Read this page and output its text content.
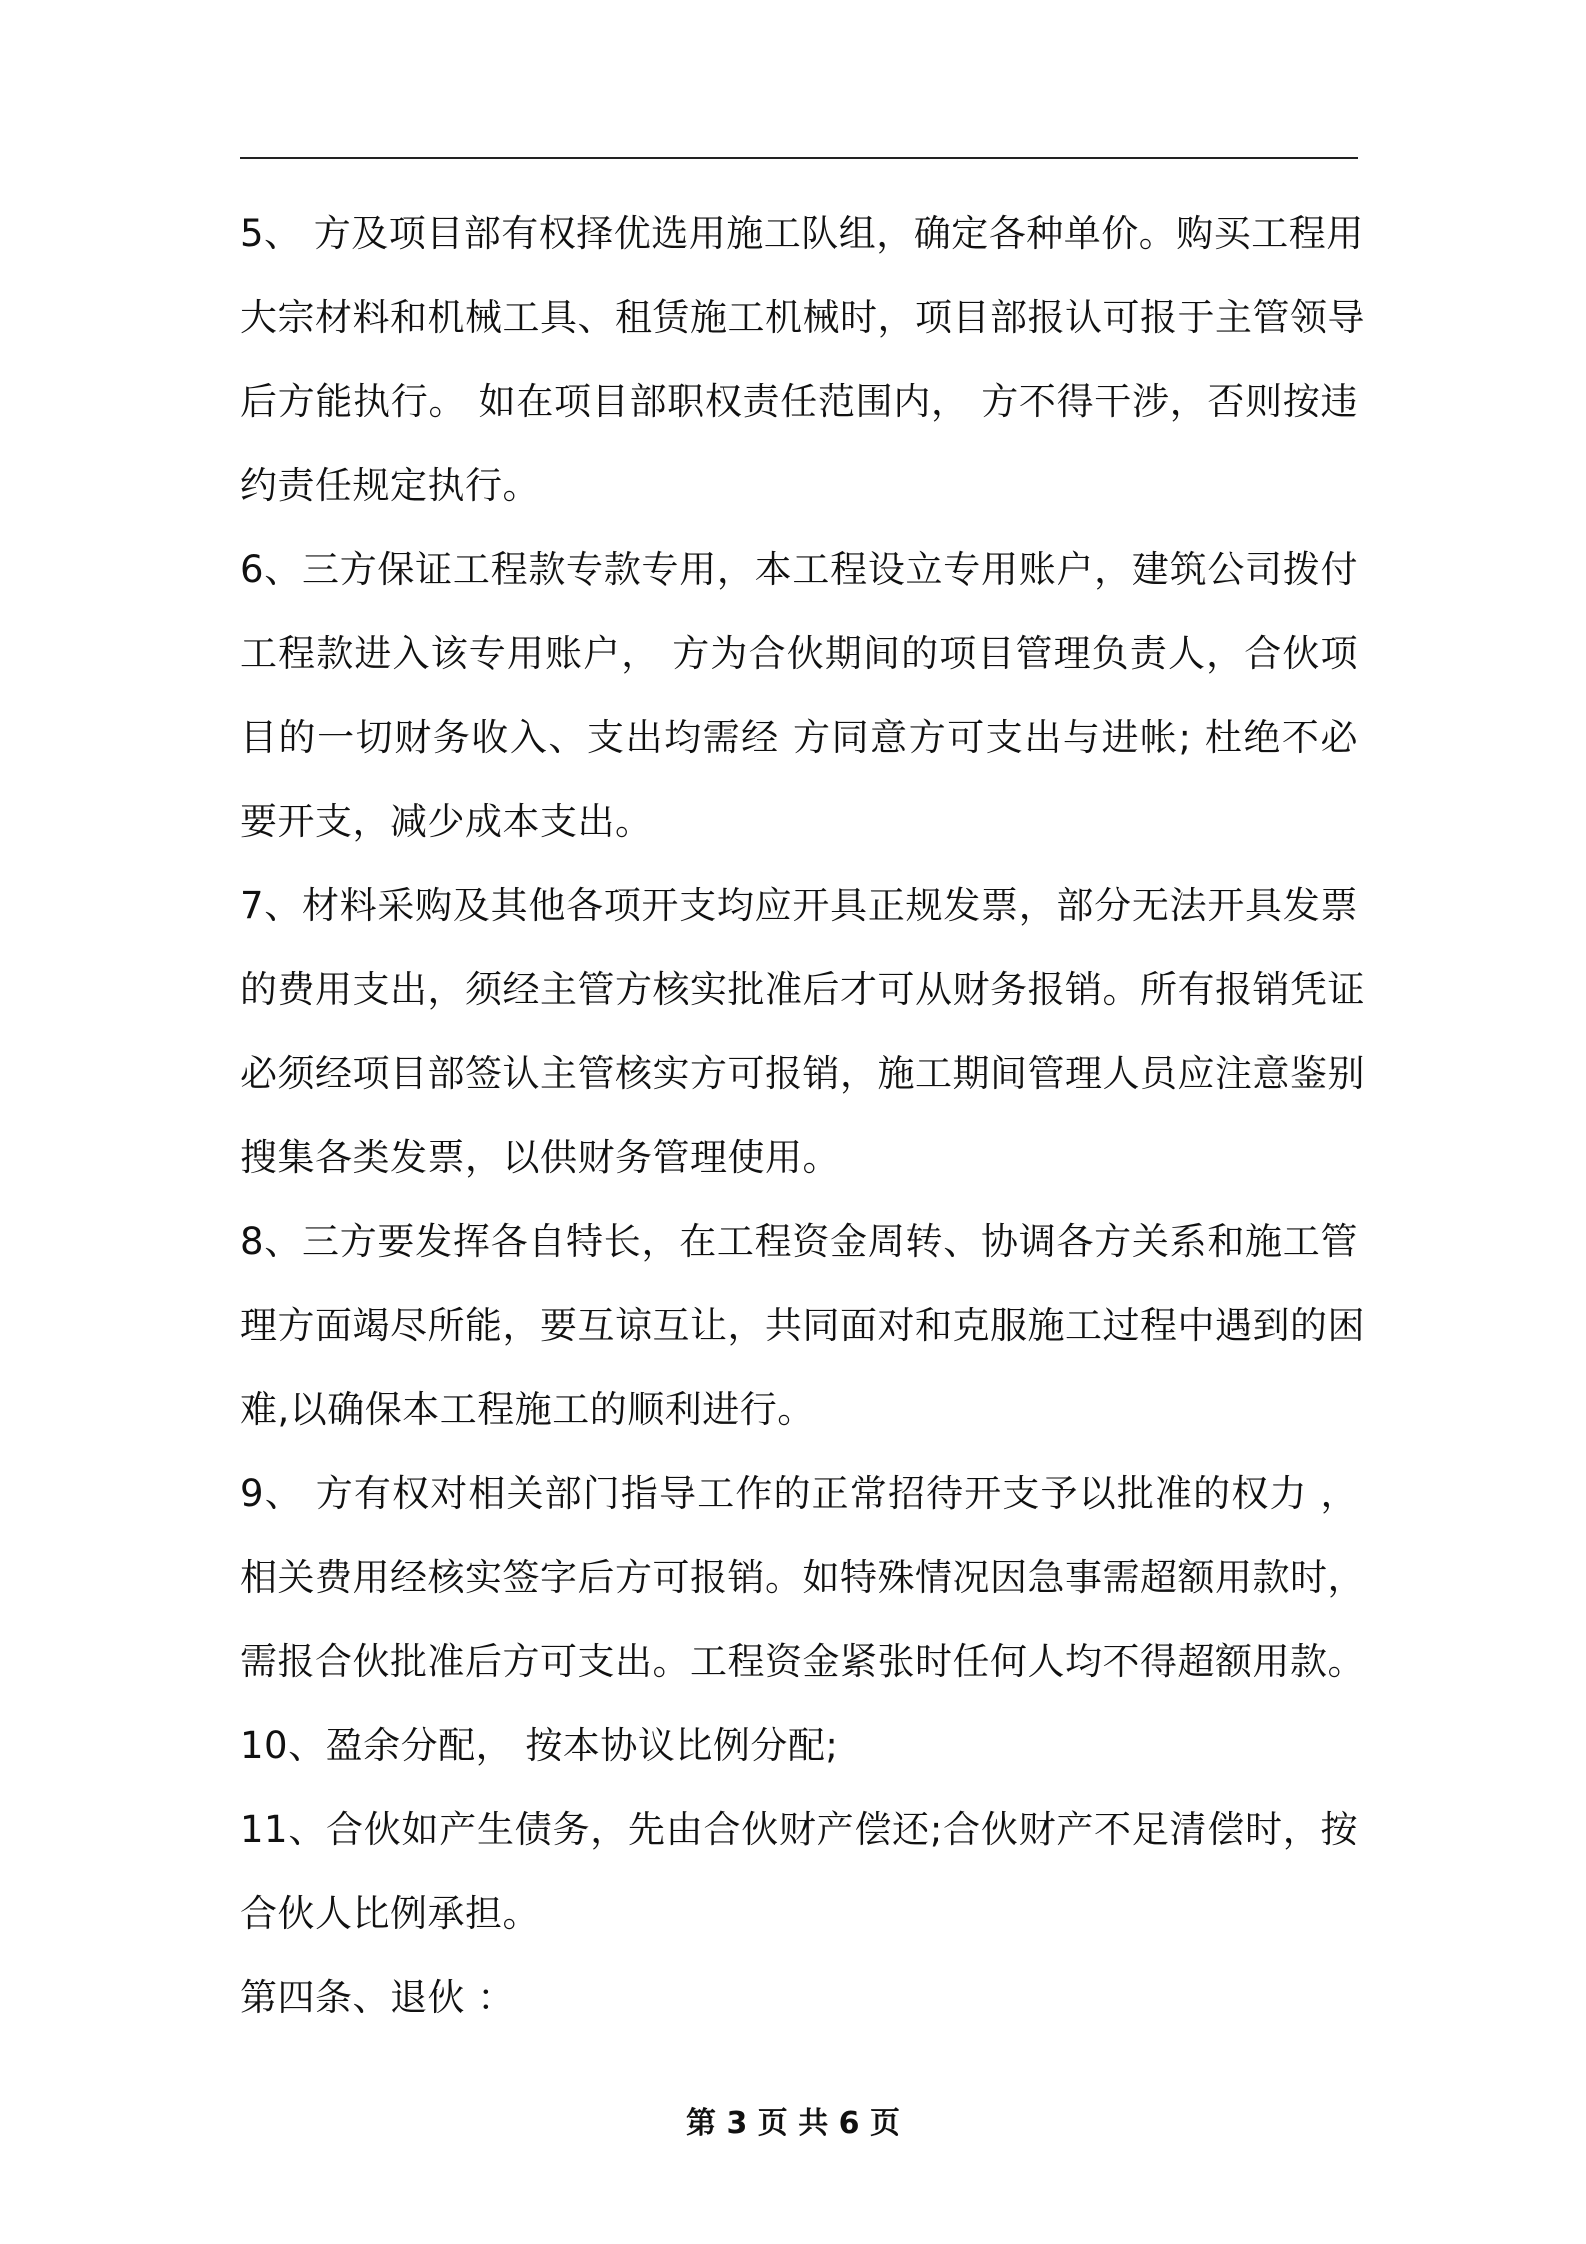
5、 方及项目部有权择优选用施工队组，确定各种单价。购买工程用
大宗材料和机械工具、租赁施工机械时，项目部报认可报于主管领导
后方能执行。 如在项目部职权责任范围内， 方不得干涉，否则按违
约责任规定执行。
6、三方保证工程款专款专用，本工程设立专用账户，建筑公司拨付
工程款进入该专用账户， 方为合伙期间的项目管理负责人，合伙项
目的一切财务收入、支出均需经 方同意方可支出与进帐; 杜绝不必
要开支，减少成本支出。
7、材料采购及其他各项开支均应开具正规发票，部分无法开具发票
的费用支出，须经主管方核实批准后才可从财务报销。所有报销凭证
必须经项目部签认主管核实方可报销，施工期间管理人员应注意鉴别
搜集各类发票，以供财务管理使用。
8、三方要发挥各自特长，在工程资金周转、协调各方关系和施工管
理方面竭尽所能，要互谅互让，共同面对和克服施工过程中遇到的困
难,以确保本工程施工的顺利进行。
9、 方有权对相关部门指导工作的正常招待开支予以批准的权力 ，
相关费用经核实签字后方可报销。如特殊情况因急事需超额用款时，
需报合伙批准后方可支出。工程资金紧张时任何人均不得超额用款。
10、盈余分配， 按本协议比例分配;
11、合伙如产生债务，先由合伙财产偿还;合伙财产不足清偿时，按
合伙人比例承担。
第四条、退伙 ：
第 3 页 共 6 页
